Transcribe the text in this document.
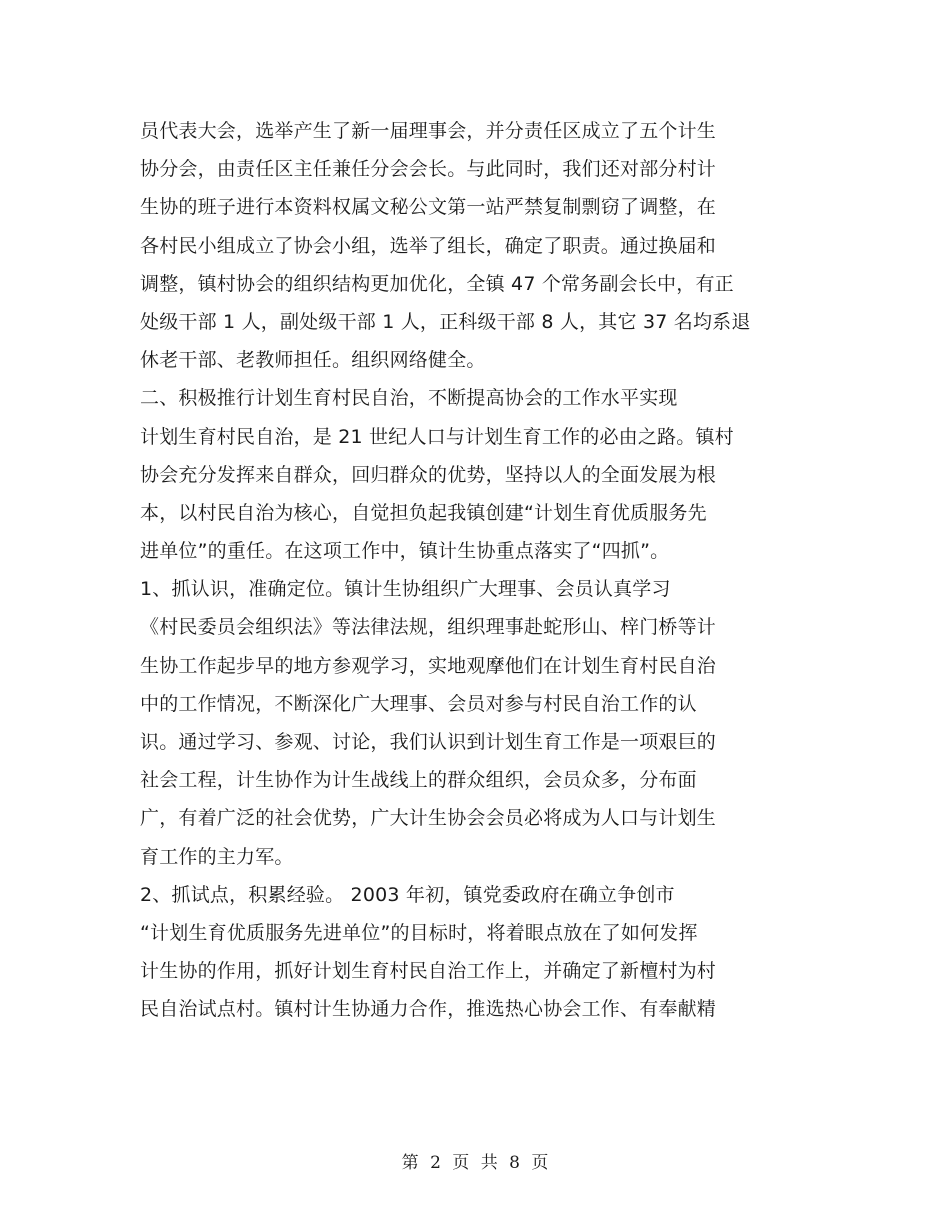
员代表大会，选举产生了新一届理事会，并分责任区成立了五个计生
协分会，由责任区主任兼任分会会长。与此同时，我们还对部分村计
生协的班子进行本资料权属文秘公文第一站严禁复制剽窃了调整，在
各村民小组成立了协会小组，选举了组长，确定了职责。通过换届和
调整，镇村协会的组织结构更加优化，全镇 47 个常务副会长中，有正
处级干部 1 人，副处级干部 1 人，正科级干部 8 人，其它 37 名均系退
休老干部、老教师担任。组织网络健全。
二、积极推行计划生育村民自治，不断提高协会的工作水平实现
计划生育村民自治，是 21 世纪人口与计划生育工作的必由之路。镇村
协会充分发挥来自群众，回归群众的优势，坚持以人的全面发展为根
本，以村民自治为核心，自觉担负起我镇创建“计划生育优质服务先
进单位”的重任。在这项工作中，镇计生协重点落实了“四抓”。
1、抓认识，准确定位。镇计生协组织广大理事、会员认真学习
《村民委员会组织法》等法律法规，组织理事赴蛇形山、梓门桥等计
生协工作起步早的地方参观学习，实地观摩他们在计划生育村民自治
中的工作情况，不断深化广大理事、会员对参与村民自治工作的认
识。通过学习、参观、讨论，我们认识到计划生育工作是一项艰巨的
社会工程，计生协作为计生战线上的群众组织，会员众多，分布面
广，有着广泛的社会优势，广大计生协会会员必将成为人口与计划生
育工作的主力军。
2、抓试点，积累经验。 2003 年初，镇党委政府在确立争创市
“计划生育优质服务先进单位”的目标时，将着眼点放在了如何发挥
计生协的作用，抓好计划生育村民自治工作上，并确定了新檀村为村
民自治试点村。镇村计生协通力合作，推选热心协会工作、有奉献精
第 2 页 共 8 页
